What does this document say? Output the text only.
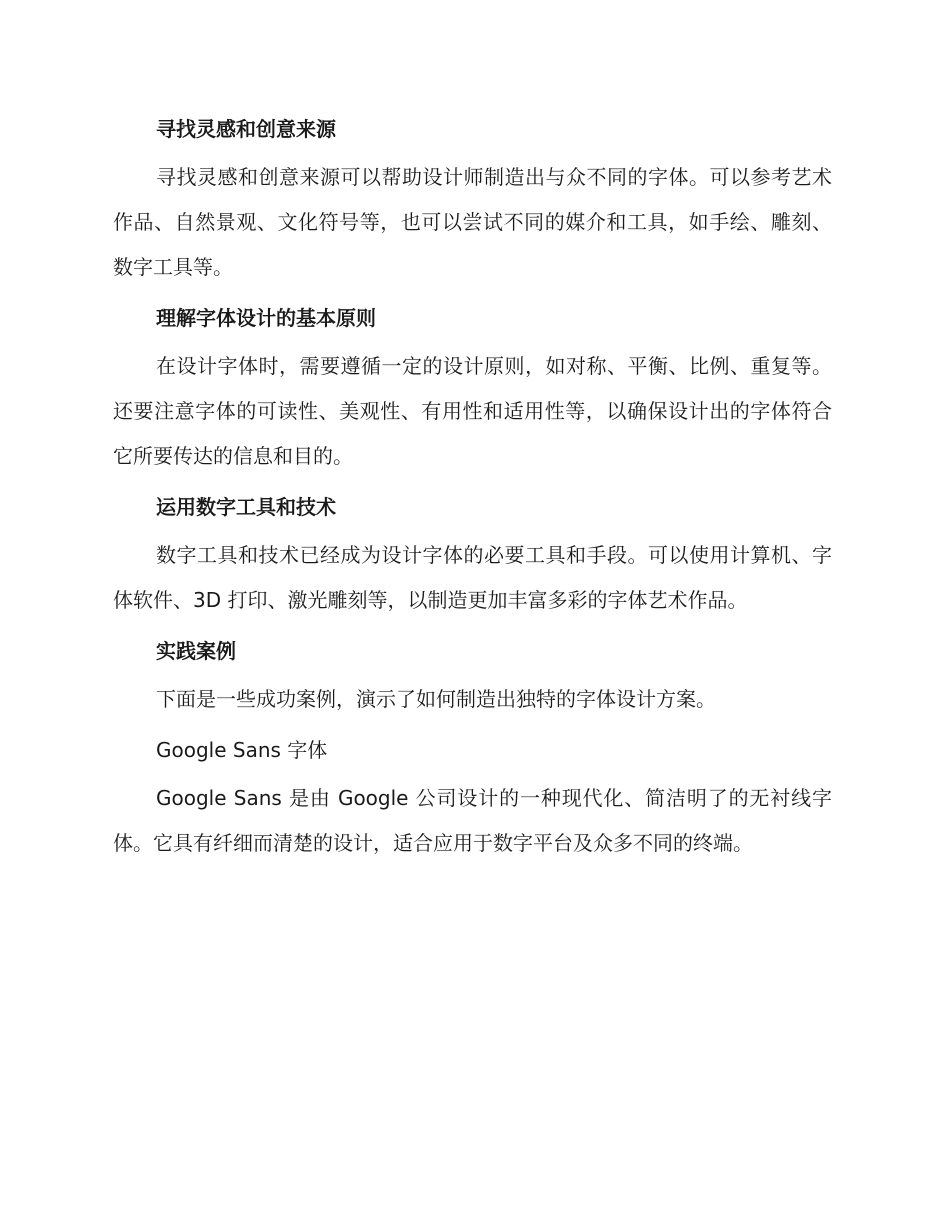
寻找灵感和创意来源

寻找灵感和创意来源可以帮助设计师制造出与众不同的字体。可以参考艺术作品、自然景观、文化符号等，也可以尝试不同的媒介和工具，如手绘、雕刻、数字工具等。

理解字体设计的基本原则

在设计字体时，需要遵循一定的设计原则，如对称、平衡、比例、重复等。还要注意字体的可读性、美观性、有用性和适用性等，以确保设计出的字体符合它所要传达的信息和目的。

运用数字工具和技术

数字工具和技术已经成为设计字体的必要工具和手段。可以使用计算机、字体软件、3D 打印、激光雕刻等，以制造更加丰富多彩的字体艺术作品。

实践案例

下面是一些成功案例，演示了如何制造出独特的字体设计方案。

Google Sans 字体

Google Sans 是由 Google 公司设计的一种现代化、简洁明了的无衬线字体。它具有纤细而清楚的设计，适合应用于数字平台及众多不同的终端。
